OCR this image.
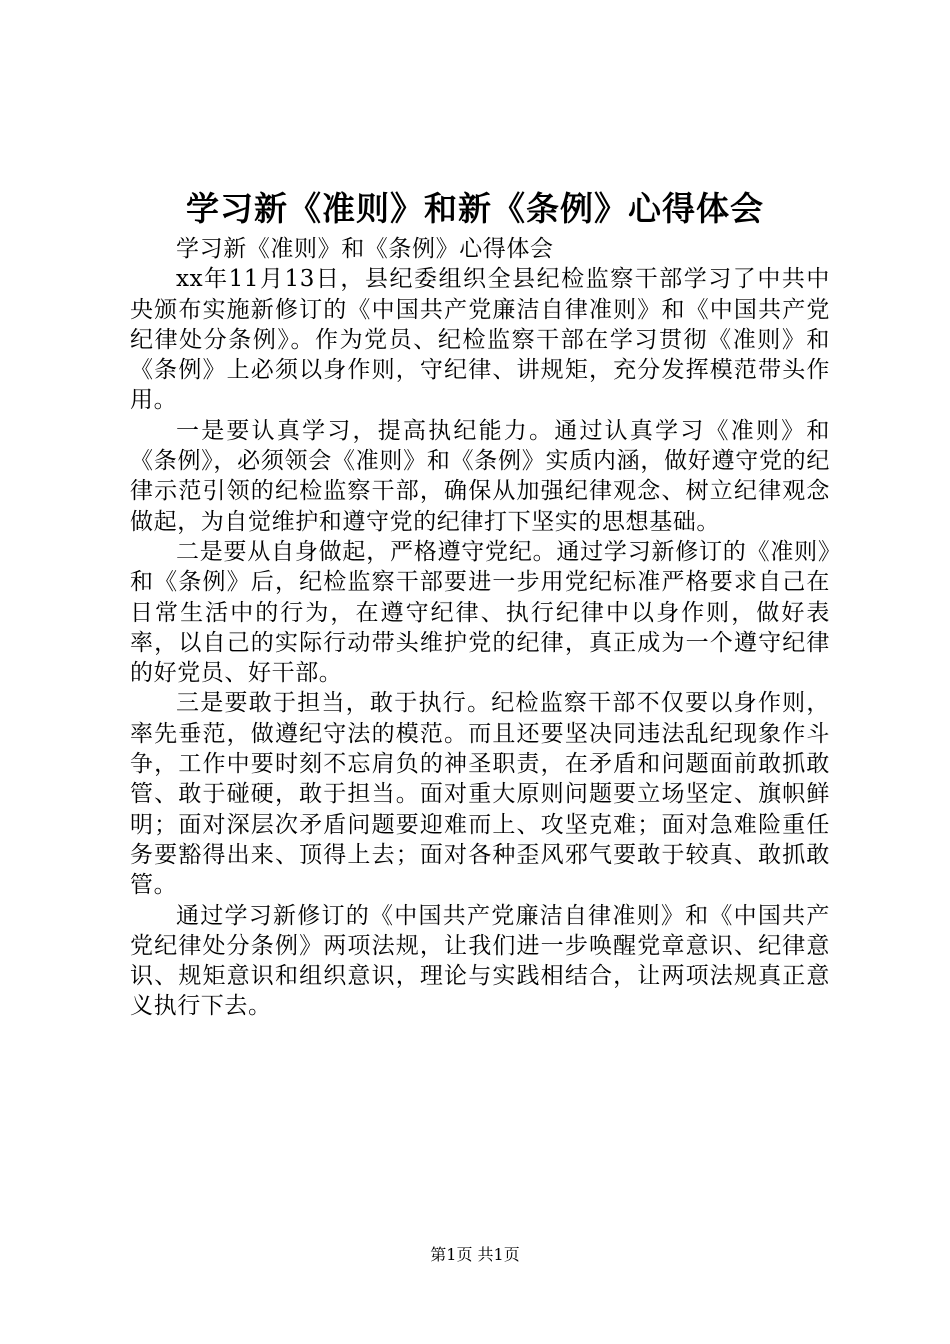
学习新《准则》和新《条例》心得体会

学习新《准则》和《条例》心得体会

xx年11月13日，县纪委组织全县纪检监察干部学习了中共中央颁布实施新修订的《中国共产党廉洁自律准则》和《中国共产党纪律处分条例》。作为党员、纪检监察干部在学习贯彻《准则》和《条例》上必须以身作则，守纪律、讲规矩，充分发挥模范带头作用。

一是要认真学习，提高执纪能力。通过认真学习《准则》和《条例》，必须领会《准则》和《条例》实质内涵，做好遵守党的纪律示范引领的纪检监察干部，确保从加强纪律观念、树立纪律观念做起，为自觉维护和遵守党的纪律打下坚实的思想基础。

二是要从自身做起，严格遵守党纪。通过学习新修订的《准则》和《条例》后，纪检监察干部要进一步用党纪标准严格要求自己在日常生活中的行为，在遵守纪律、执行纪律中以身作则，做好表率，以自己的实际行动带头维护党的纪律，真正成为一个遵守纪律的好党员、好干部。

三是要敢于担当，敢于执行。纪检监察干部不仅要以身作则，率先垂范，做遵纪守法的模范。而且还要坚决同违法乱纪现象作斗争，工作中要时刻不忘肩负的神圣职责，在矛盾和问题面前敢抓敢管、敢于碰硬，敢于担当。面对重大原则问题要立场坚定、旗帜鲜明；面对深层次矛盾问题要迎难而上、攻坚克难；面对急难险重任务要豁得出来、顶得上去；面对各种歪风邪气要敢于较真、敢抓敢管。

通过学习新修订的《中国共产党廉洁自律准则》和《中国共产党纪律处分条例》两项法规，让我们进一步唤醒党章意识、纪律意识、规矩意识和组织意识，理论与实践相结合，让两项法规真正意义执行下去。

第1页 共1页
